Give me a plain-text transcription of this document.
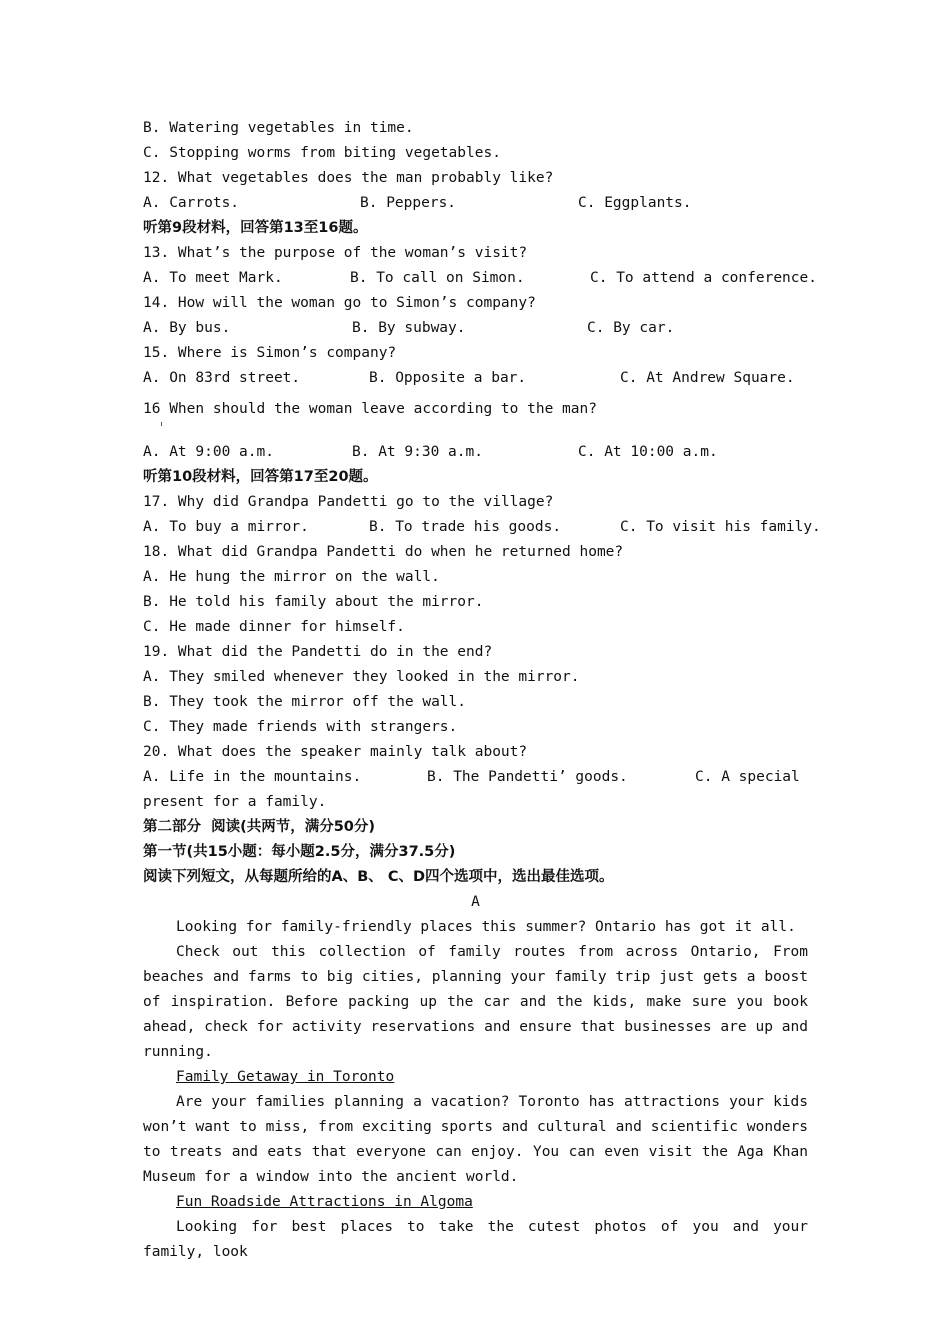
B. Watering vegetables in time.
C. Stopping worms from biting vegetables.
12. What vegetables does the man probably like?

A. Carrots.

	B. Peppers.

	C. Eggplants.

听第9段材料，回答第13至16题。
13. What’s the purpose of the woman’s visit?

A. To meet Mark.

	B. To call on Simon.

	C. To attend a conference.

14. How will the woman go to Simon’s company?

A. By bus.

	B. By subway.

	C. By car.

15. Where is Simon’s company?

A. On 83rd street.

	B. Opposite a bar.

	C. At Andrew Square.

16 When should the woman leave according to the man?

A. At 9:00 a.m.

	B. At 9:30 a.m.

	C. At 10:00 a.m.

听第10段材料，回答第17至20题。
17. Why did Grandpa Pandetti go to the village?

A. To buy a mirror.

	B. To trade his goods.

	C. To visit his family.

18. What did Grandpa Pandetti do when he returned home?
A. He hung the mirror on the wall.
B. He told his family about the mirror.
C. He made dinner for himself.
19. What did the Pandetti do in the end?
A. They smiled whenever they looked in the mirror.
B. They took the mirror off the wall.
C. They made friends with strangers.
20. What does the speaker mainly talk about?

A. Life in the mountains.

	B. The Pandetti’ goods.

	C. A special

present for a family.
第二部分  阅读(共两节，满分50分)
第一节(共15小题：每小题2.5分，满分37.5分)
阅读下列短文，从每题所给的A、B、 C、D四个选项中，选出最佳选项。
A
Looking for family-friendly places this summer? Ontario has got it all.
Check out this collection of family routes from across Ontario, From beaches and farms to big cities, planning your family trip just gets a boost of inspiration. Before packing up the car and the kids, make sure you book ahead, check for activity reservations and ensure that businesses are up and running.
Family Getaway in Toronto
Are your families planning a vacation? Toronto has attractions your kids won’t want to miss, from exciting sports and cultural and scientific wonders to treats and eats that everyone can enjoy. You can even visit the Aga Khan Museum for a window into the ancient world.
Fun Roadside Attractions in Algoma
Looking for best places to take the cutest photos of you and your family, look
